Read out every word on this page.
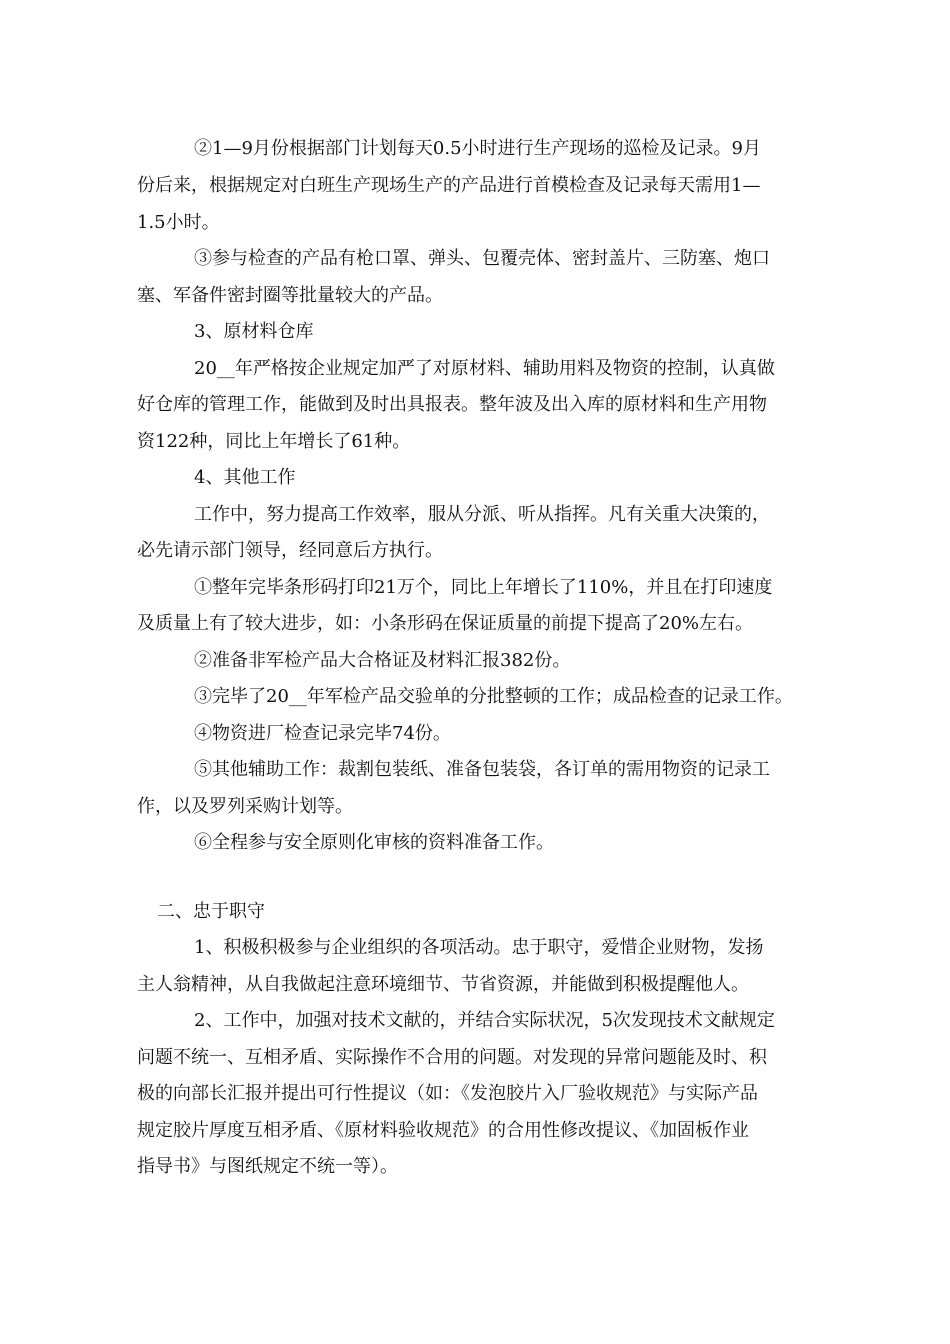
②1—9月份根据部门计划每天0.5小时进行生产现场的巡检及记录。9月
份后来，根据规定对白班生产现场生产的产品进行首模检查及记录每天需用1—
1.5小时。
③参与检查的产品有枪口罩、弹头、包覆壳体、密封盖片、三防塞、炮口
塞、军备件密封圈等批量较大的产品。
3、原材料仓库
20__年严格按企业规定加严了对原材料、辅助用料及物资的控制，认真做
好仓库的管理工作，能做到及时出具报表。整年波及出入库的原材料和生产用物
资122种，同比上年增长了61种。
4、其他工作
工作中，努力提高工作效率，服从分派、听从指挥。凡有关重大决策的，
必先请示部门领导，经同意后方执行。
①整年完毕条形码打印21万个，同比上年增长了110%，并且在打印速度
及质量上有了较大进步，如：小条形码在保证质量的前提下提高了20%左右。
②准备非军检产品大合格证及材料汇报382份。
③完毕了20__年军检产品交验单的分批整顿的工作；成品检查的记录工作。
④物资进厂检查记录完毕74份。
⑤其他辅助工作：裁割包装纸、准备包装袋，各订单的需用物资的记录工
作，以及罗列采购计划等。
⑥全程参与安全原则化审核的资料准备工作。
二、忠于职守
1、积极积极参与企业组织的各项活动。忠于职守，爱惜企业财物，发扬
主人翁精神，从自我做起注意环境细节、节省资源，并能做到积极提醒他人。
2、工作中，加强对技术文献的，并结合实际状况，5次发现技术文献规定
问题不统一、互相矛盾、实际操作不合用的问题。对发现的异常问题能及时、积
极的向部长汇报并提出可行性提议（如：《发泡胶片入厂验收规范》与实际产品
规定胶片厚度互相矛盾、《原材料验收规范》的合用性修改提议、《加固板作业
指导书》与图纸规定不统一等）。
